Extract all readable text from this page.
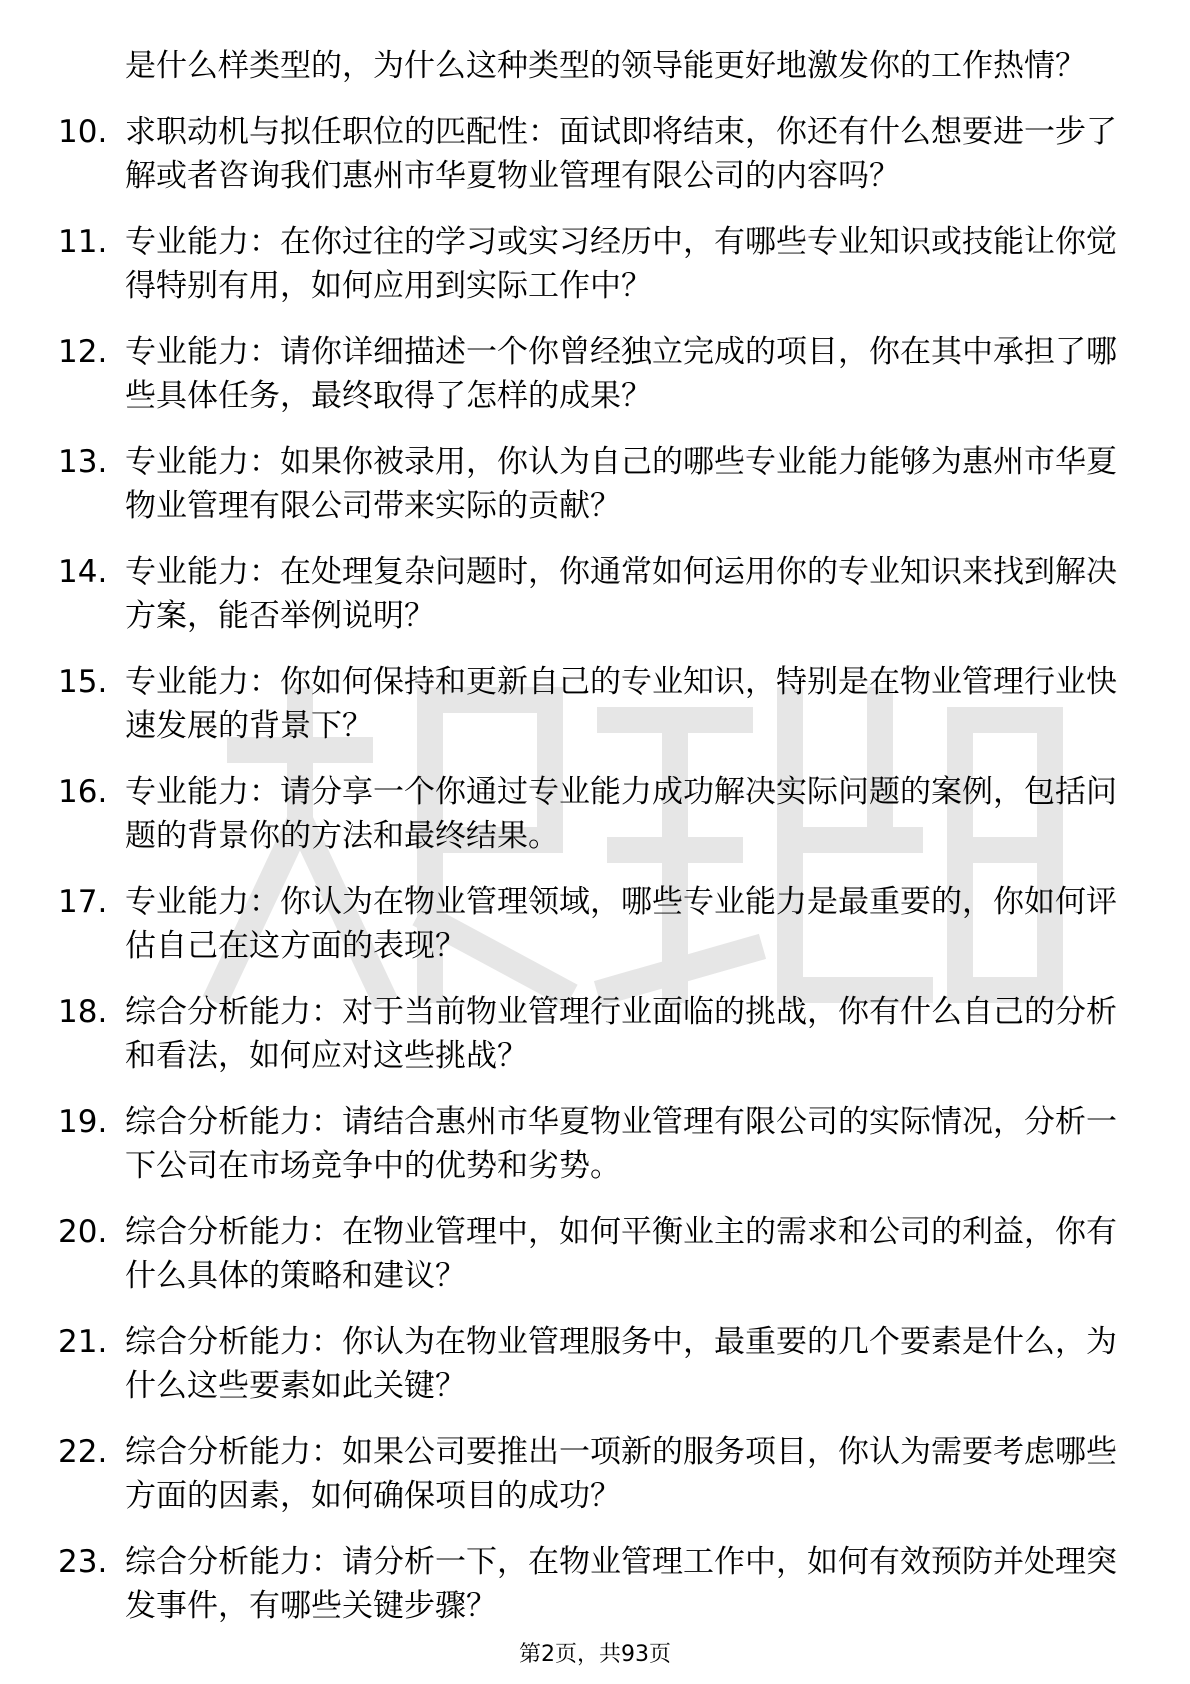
是什么样类型的，为什么这种类型的领导能更好地激发你的工作热情？
10. 求职动机与拟任职位的匹配性：面试即将结束，你还有什么想要进一步了解或者咨询我们惠州市华夏物业管理有限公司的内容吗？
11. 专业能力：在你过往的学习或实习经历中，有哪些专业知识或技能让你觉得特别有用，如何应用到实际工作中？
12. 专业能力：请你详细描述一个你曾经独立完成的项目，你在其中承担了哪些具体任务，最终取得了怎样的成果？
13. 专业能力：如果你被录用，你认为自己的哪些专业能力能够为惠州市华夏物业管理有限公司带来实际的贡献？
14. 专业能力：在处理复杂问题时，你通常如何运用你的专业知识来找到解决方案，能否举例说明？
15. 专业能力：你如何保持和更新自己的专业知识，特别是在物业管理行业快速发展的背景下？
16. 专业能力：请分享一个你通过专业能力成功解决实际问题的案例，包括问题的背景你的方法和最终结果。
17. 专业能力：你认为在物业管理领域，哪些专业能力是最重要的，你如何评估自己在这方面的表现？
18. 综合分析能力：对于当前物业管理行业面临的挑战，你有什么自己的分析和看法，如何应对这些挑战？
19. 综合分析能力：请结合惠州市华夏物业管理有限公司的实际情况，分析一下公司在市场竞争中的优势和劣势。
20. 综合分析能力：在物业管理中，如何平衡业主的需求和公司的利益，你有什么具体的策略和建议？
21. 综合分析能力：你认为在物业管理服务中，最重要的几个要素是什么，为什么这些要素如此关键？
22. 综合分析能力：如果公司要推出一项新的服务项目，你认为需要考虑哪些方面的因素，如何确保项目的成功？
23. 综合分析能力：请分析一下，在物业管理工作中，如何有效预防并处理突发事件，有哪些关键步骤？
第2页，共93页
